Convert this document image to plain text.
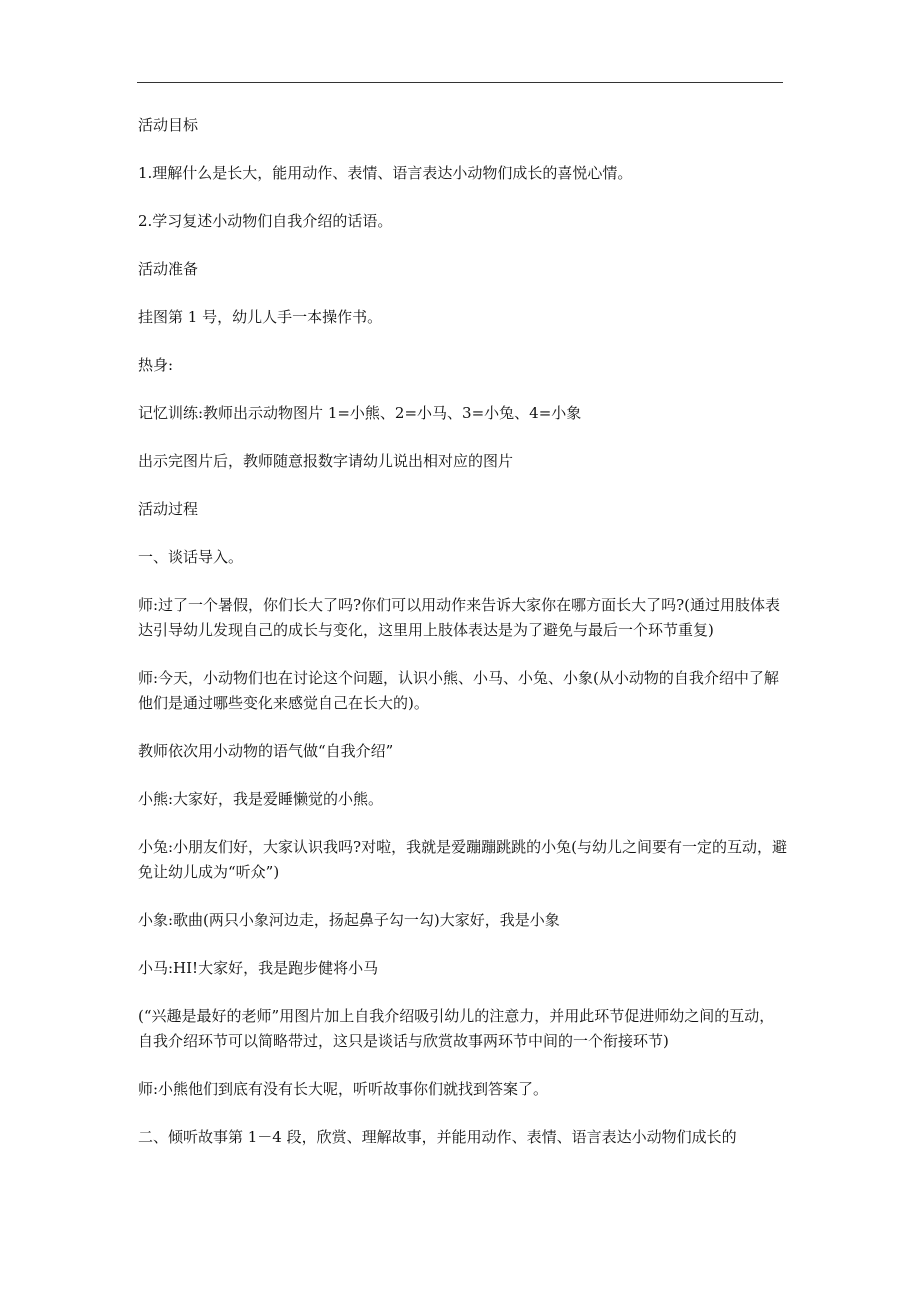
活动目标

1.理解什么是长大，能用动作、表情、语言表达小动物们成长的喜悦心情。

2.学习复述小动物们自我介绍的话语。

活动准备

挂图第 1 号，幼儿人手一本操作书。

热身:

记忆训练:教师出示动物图片 1=小熊、2=小马、3=小兔、4=小象

出示完图片后，教师随意报数字请幼儿说出相对应的图片

活动过程

一、谈话导入。

师:过了一个暑假，你们长大了吗?你们可以用动作来告诉大家你在哪方面长大了吗?(通过用肢体表达引导幼儿发现自己的成长与变化，这里用上肢体表达是为了避免与最后一个环节重复)

师:今天，小动物们也在讨论这个问题，认识小熊、小马、小兔、小象(从小动物的自我介绍中了解他们是通过哪些变化来感觉自己在长大的)。

教师依次用小动物的语气做“自我介绍”

小熊:大家好，我是爱睡懒觉的小熊。

小兔:小朋友们好，大家认识我吗?对啦，我就是爱蹦蹦跳跳的小兔(与幼儿之间要有一定的互动，避免让幼儿成为“听众”)

小象:歌曲(两只小象河边走，扬起鼻子勾一勾)大家好，我是小象

小马:HI!大家好，我是跑步健将小马

(“兴趣是最好的老师”用图片加上自我介绍吸引幼儿的注意力，并用此环节促进师幼之间的互动，自我介绍环节可以简略带过，这只是谈话与欣赏故事两环节中间的一个衔接环节)

师:小熊他们到底有没有长大呢，听听故事你们就找到答案了。

二、倾听故事第 1－4 段，欣赏、理解故事，并能用动作、表情、语言表达小动物们成长的
